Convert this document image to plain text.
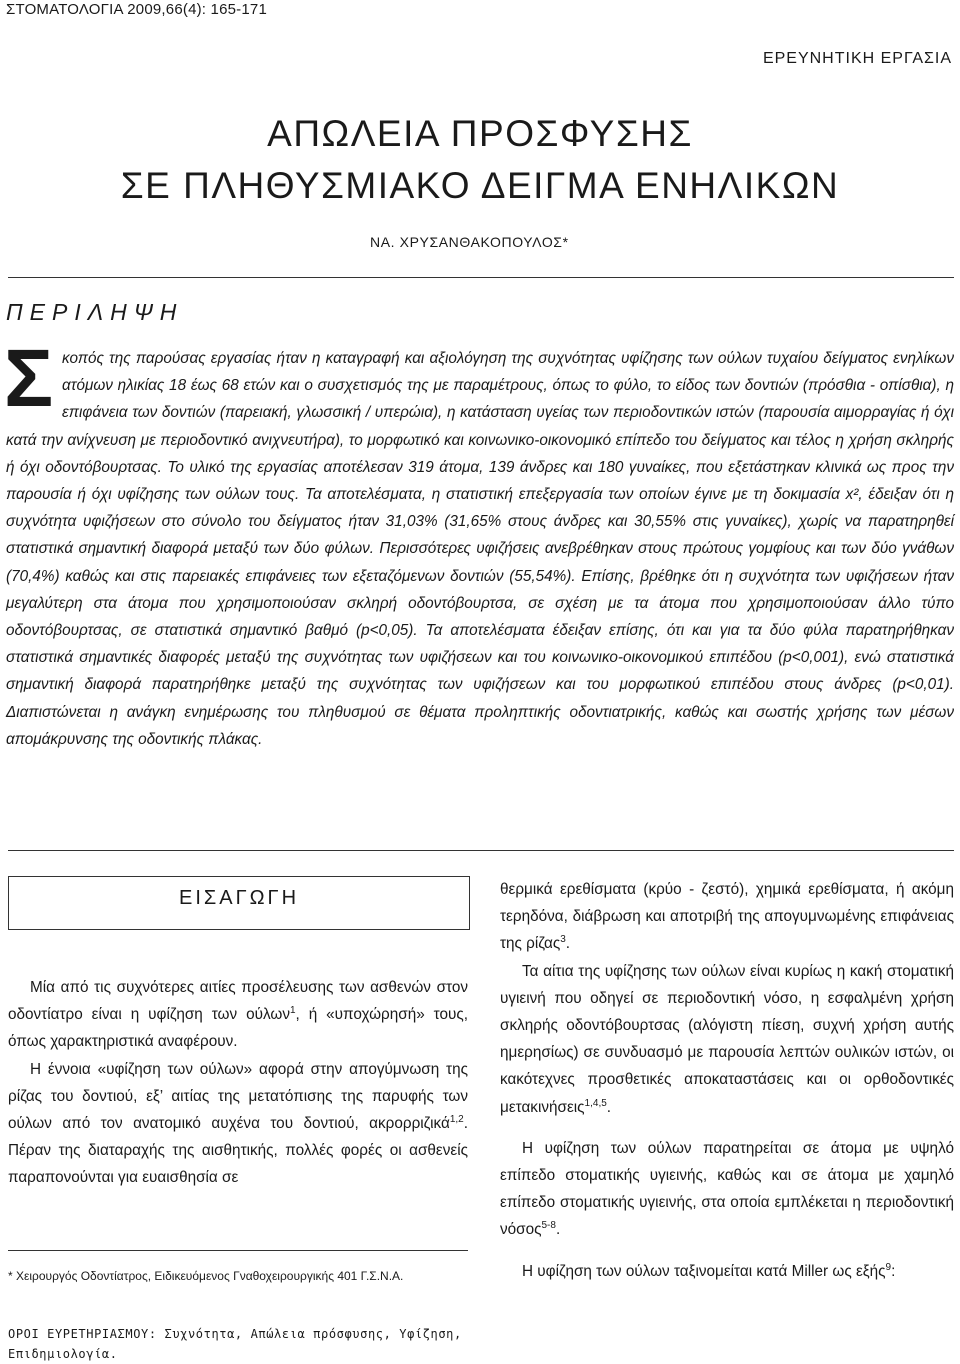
ΣΤΟΜΑΤΟΛΟΓΙΑ 2009,66(4): 165-171
ΕΡΕΥΝΗΤΙΚΗ ΕΡΓΑΣΙΑ
ΑΠΩΛΕΙΑ ΠΡΟΣΦΥΣΗΣ
ΣΕ ΠΛΗΘΥΣΜΙΑΚΟ ΔΕΙΓΜΑ ΕΝΗΛΙΚΩΝ
ΝΑ. ΧΡΥΣΑΝΘΑΚΟΠΟΥΛΟΣ*
ΠΕΡΙΛΗΨΗ
Σ κοπός της παρούσας εργασίας ήταν η καταγραφή και αξιολόγηση της συχνότητας υφίζησης των ούλων τυχαίου δείγματος ενηλίκων ατόμων ηλικίας 18 έως 68 ετών και ο συσχετισμός της με παραμέτρους, όπως το φύλο, το είδος των δοντιών (πρόσθια - οπίσθια), η επιφάνεια των δοντιών (παρειακή, γλωσσική / υπερώια), η κατάσταση υγείας των περιοδοντικών ιστών (παρουσία αιμορραγίας ή όχι κατά την ανίχνευση με περιοδοντικό ανιχνευτήρα), το μορφωτικό και κοινωνικο-οικονομικό επίπεδο του δείγματος και τέλος η χρήση σκληρής ή όχι οδοντόβουρτσας. Το υλικό της εργασίας αποτέλεσαν 319 άτομα, 139 άνδρες και 180 γυναίκες, που εξετάστηκαν κλινικά ως προς την παρουσία ή όχι υφίζησης των ούλων τους. Τα αποτελέσματα, η στατιστική επεξεργασία των οποίων έγινε με τη δοκιμασία x², έδειξαν ότι η συχνότητα υφιζήσεων στο σύνολο του δείγματος ήταν 31,03% (31,65% στους άνδρες και 30,55% στις γυναίκες), χωρίς να παρατηρηθεί στατιστικά σημαντική διαφορά μεταξύ των δύο φύλων. Περισσότερες υφιζήσεις ανεβρέθηκαν στους πρώτους γομφίους και των δύο γνάθων (70,4%) καθώς και στις παρειακές επιφάνειες των εξεταζόμενων δοντιών (55,54%). Επίσης, βρέθηκε ότι η συχνότητα των υφιζήσεων ήταν μεγαλύτερη στα άτομα που χρησιμοποιούσαν σκληρή οδοντόβουρτσα, σε σχέση με τα άτομα που χρησιμοποιούσαν άλλο τύπο οδοντόβουρτσας, σε στατιστικά σημαντικό βαθμό (p<0,05). Τα αποτελέσματα έδειξαν επίσης, ότι και για τα δύο φύλα παρατηρήθηκαν στατιστικά σημαντικές διαφορές μεταξύ της συχνότητας των υφιζήσεων και του κοινωνικο-οικονομικού επιπέδου (p<0,001), ενώ στατιστικά σημαντική διαφορά παρατηρήθηκε μεταξύ της συχνότητας των υφιζήσεων και του μορφωτικού επιπέδου στους άνδρες (p<0,01). Διαπιστώνεται η ανάγκη ενημέρωσης του πληθυσμού σε θέματα προληπτικής οδοντιατρικής, καθώς και σωστής χρήσης των μέσων απομάκρυνσης της οδοντικής πλάκας.
ΕΙΣΑΓΩΓΗ

Μία από τις συχνότερες αιτίες προσέλευσης των ασθενών στον οδοντίατρο είναι η υφίζηση των ούλων$^1$, ή «υποχώρησή» τους, όπως χαρακτηριστικά αναφέρουν.

Η έννοια «υφίζηση των ούλων» αφορά στην απογύμνωση της ρίζας του δοντιού, εξ’ αιτίας της μετατόπισης της παρυφής των ούλων από τον ανατομικό αυχένα του δοντιού, ακρορριζικά$^{1,2}$. Πέραν της διαταραχής της αισθητικής, πολλές φορές οι ασθενείς παραπονούνται για ευαισθησία σε

θερμικά ερεθίσματα (κρύο - ζεστό), χημικά ερεθίσματα, ή ακόμη τερηδόνα, διάβρωση και αποτριβή της απογυμνωμένης επιφάνειας της ρίζας$^3$.

Τα αίτια της υφίζησης των ούλων είναι κυρίως η κακή στοματική υγιεινή που οδηγεί σε περιοδοντική νόσο, η εσφαλμένη χρήση σκληρής οδοντόβουρτσας (αλόγιστη πίεση, συχνή χρήση αυτής ημερησίως) σε συνδυασμό με παρουσία λεπτών ουλικών ιστών, οι κακότεχνες προσθετικές αποκαταστάσεις και οι ορθοδοντικές μετακινήσεις$^{1,4,5}$.

Η υφίζηση των ούλων παρατηρείται σε άτομα με υψηλό επίπεδο στοματικής υγιεινής, καθώς και σε άτομα με χαμηλό επίπεδο στοματικής υγιεινής, στα οποία εμπλέκεται η περιοδοντική νόσος$^{5-8}$.

Η υφίζηση των ούλων ταξινομείται κατά Miller ως εξής$^9$:

* Χειρουργός Οδοντίατρος, Ειδικευόμενος Γναθοχειρουργικής 401 Γ.Σ.Ν.Α.
ΟΡΟΙ ΕΥΡΕΤΗΡΙΑΣΜΟΥ: Συχνότητα, Απώλεια πρόσφυσης, Υφίζηση, Επιδημιολογία.
